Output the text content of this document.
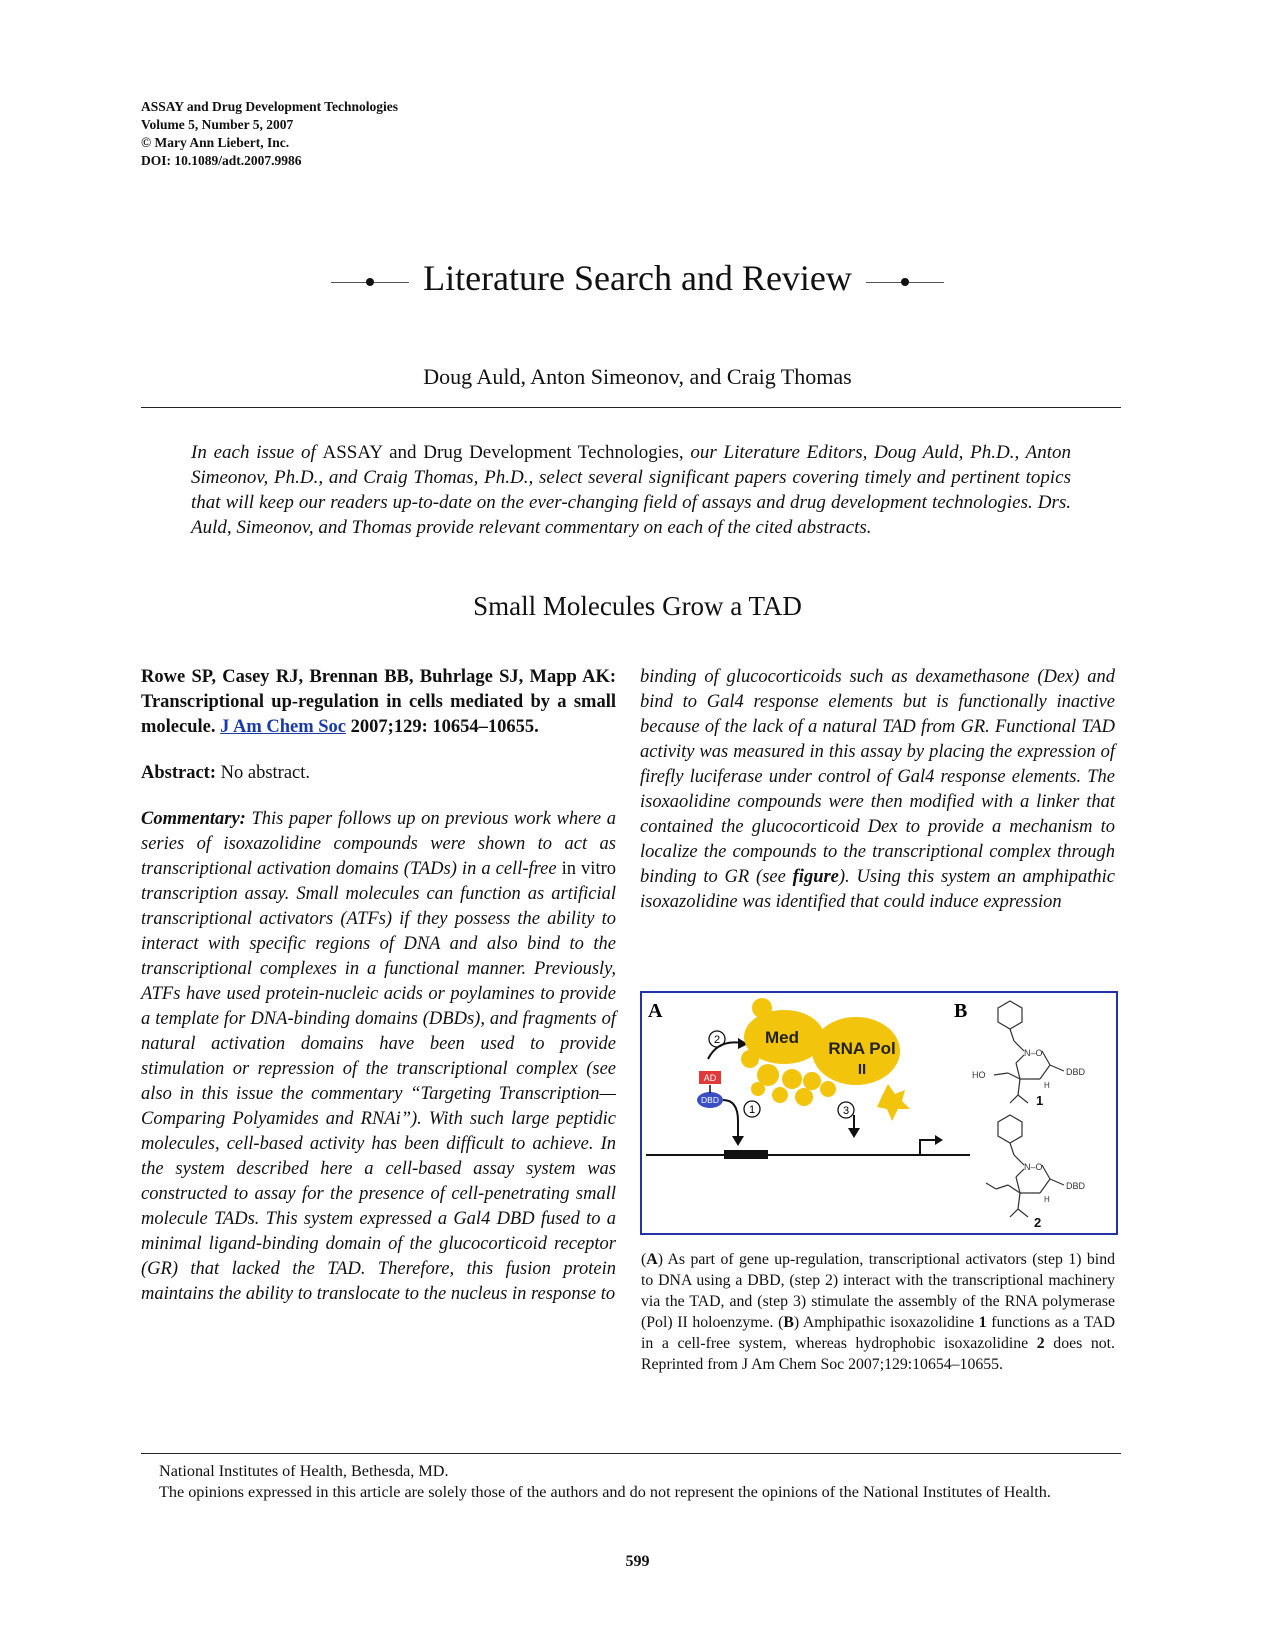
ASSAY and Drug Development Technologies
Volume 5, Number 5, 2007
© Mary Ann Liebert, Inc.
DOI: 10.1089/adt.2007.9986
Literature Search and Review
Doug Auld, Anton Simeonov, and Craig Thomas
In each issue of ASSAY and Drug Development Technologies, our Literature Editors, Doug Auld, Ph.D., Anton Simeonov, Ph.D., and Craig Thomas, Ph.D., select several significant papers covering timely and pertinent topics that will keep our readers up-to-date on the ever-changing field of assays and drug development technologies. Drs. Auld, Simeonov, and Thomas provide relevant commentary on each of the cited abstracts.
Small Molecules Grow a TAD
Rowe SP, Casey RJ, Brennan BB, Buhrlage SJ, Mapp AK: Transcriptional up-regulation in cells mediated by a small molecule. J Am Chem Soc 2007;129: 10654–10655.
Abstract: No abstract.
Commentary: This paper follows up on previous work where a series of isoxazolidine compounds were shown to act as transcriptional activation domains (TADs) in a cell-free in vitro transcription assay. Small molecules can function as artificial transcriptional activators (ATFs) if they possess the ability to interact with specific regions of DNA and also bind to the transcriptional complexes in a functional manner. Previously, ATFs have used protein-nucleic acids or poylamines to provide a template for DNA-binding domains (DBDs), and fragments of natural activation domains have been used to provide stimulation or repression of the transcriptional complex (see also in this issue the commentary “Targeting Transcription—Comparing Polyamides and RNAi”). With such large peptidic molecules, cell-based activity has been difficult to achieve. In the system described here a cell-based assay system was constructed to assay for the presence of cell-penetrating small molecule TADs. This system expressed a Gal4 DBD fused to a minimal ligand-binding domain of the glucocorticoid receptor (GR) that lacked the TAD. Therefore, this fusion protein maintains the ability to translocate to the nucleus in response to
binding of glucocorticoids such as dexamethasone (Dex) and bind to Gal4 response elements but is functionally inactive because of the lack of a natural TAD from GR. Functional TAD activity was measured in this assay by placing the expression of firefly luciferase under control of Gal4 response elements. The isoxaolidine compounds were then modified with a linker that contained the glucocorticoid Dex to provide a mechanism to localize the compounds to the transcriptional complex through binding to GR (see figure). Using this system an amphipathic isoxazolidine was identified that could induce expression
A
AD
DBD
2
1	3
Med
RNA Pol
II
B
N–O
HO
H
DBD
1
N–O
H
DBD
2
(A) As part of gene up-regulation, transcriptional activators (step 1) bind to DNA using a DBD, (step 2) interact with the transcriptional machinery via the TAD, and (step 3) stimulate the assembly of the RNA polymerase (Pol) II holoenzyme. (B) Amphipathic isoxazolidine 1 functions as a TAD in a cell-free system, whereas hydrophobic isoxazolidine 2 does not. Reprinted from J Am Chem Soc 2007;129:10654–10655.
National Institutes of Health, Bethesda, MD.
The opinions expressed in this article are solely those of the authors and do not represent the opinions of the National Institutes of Health.
599
